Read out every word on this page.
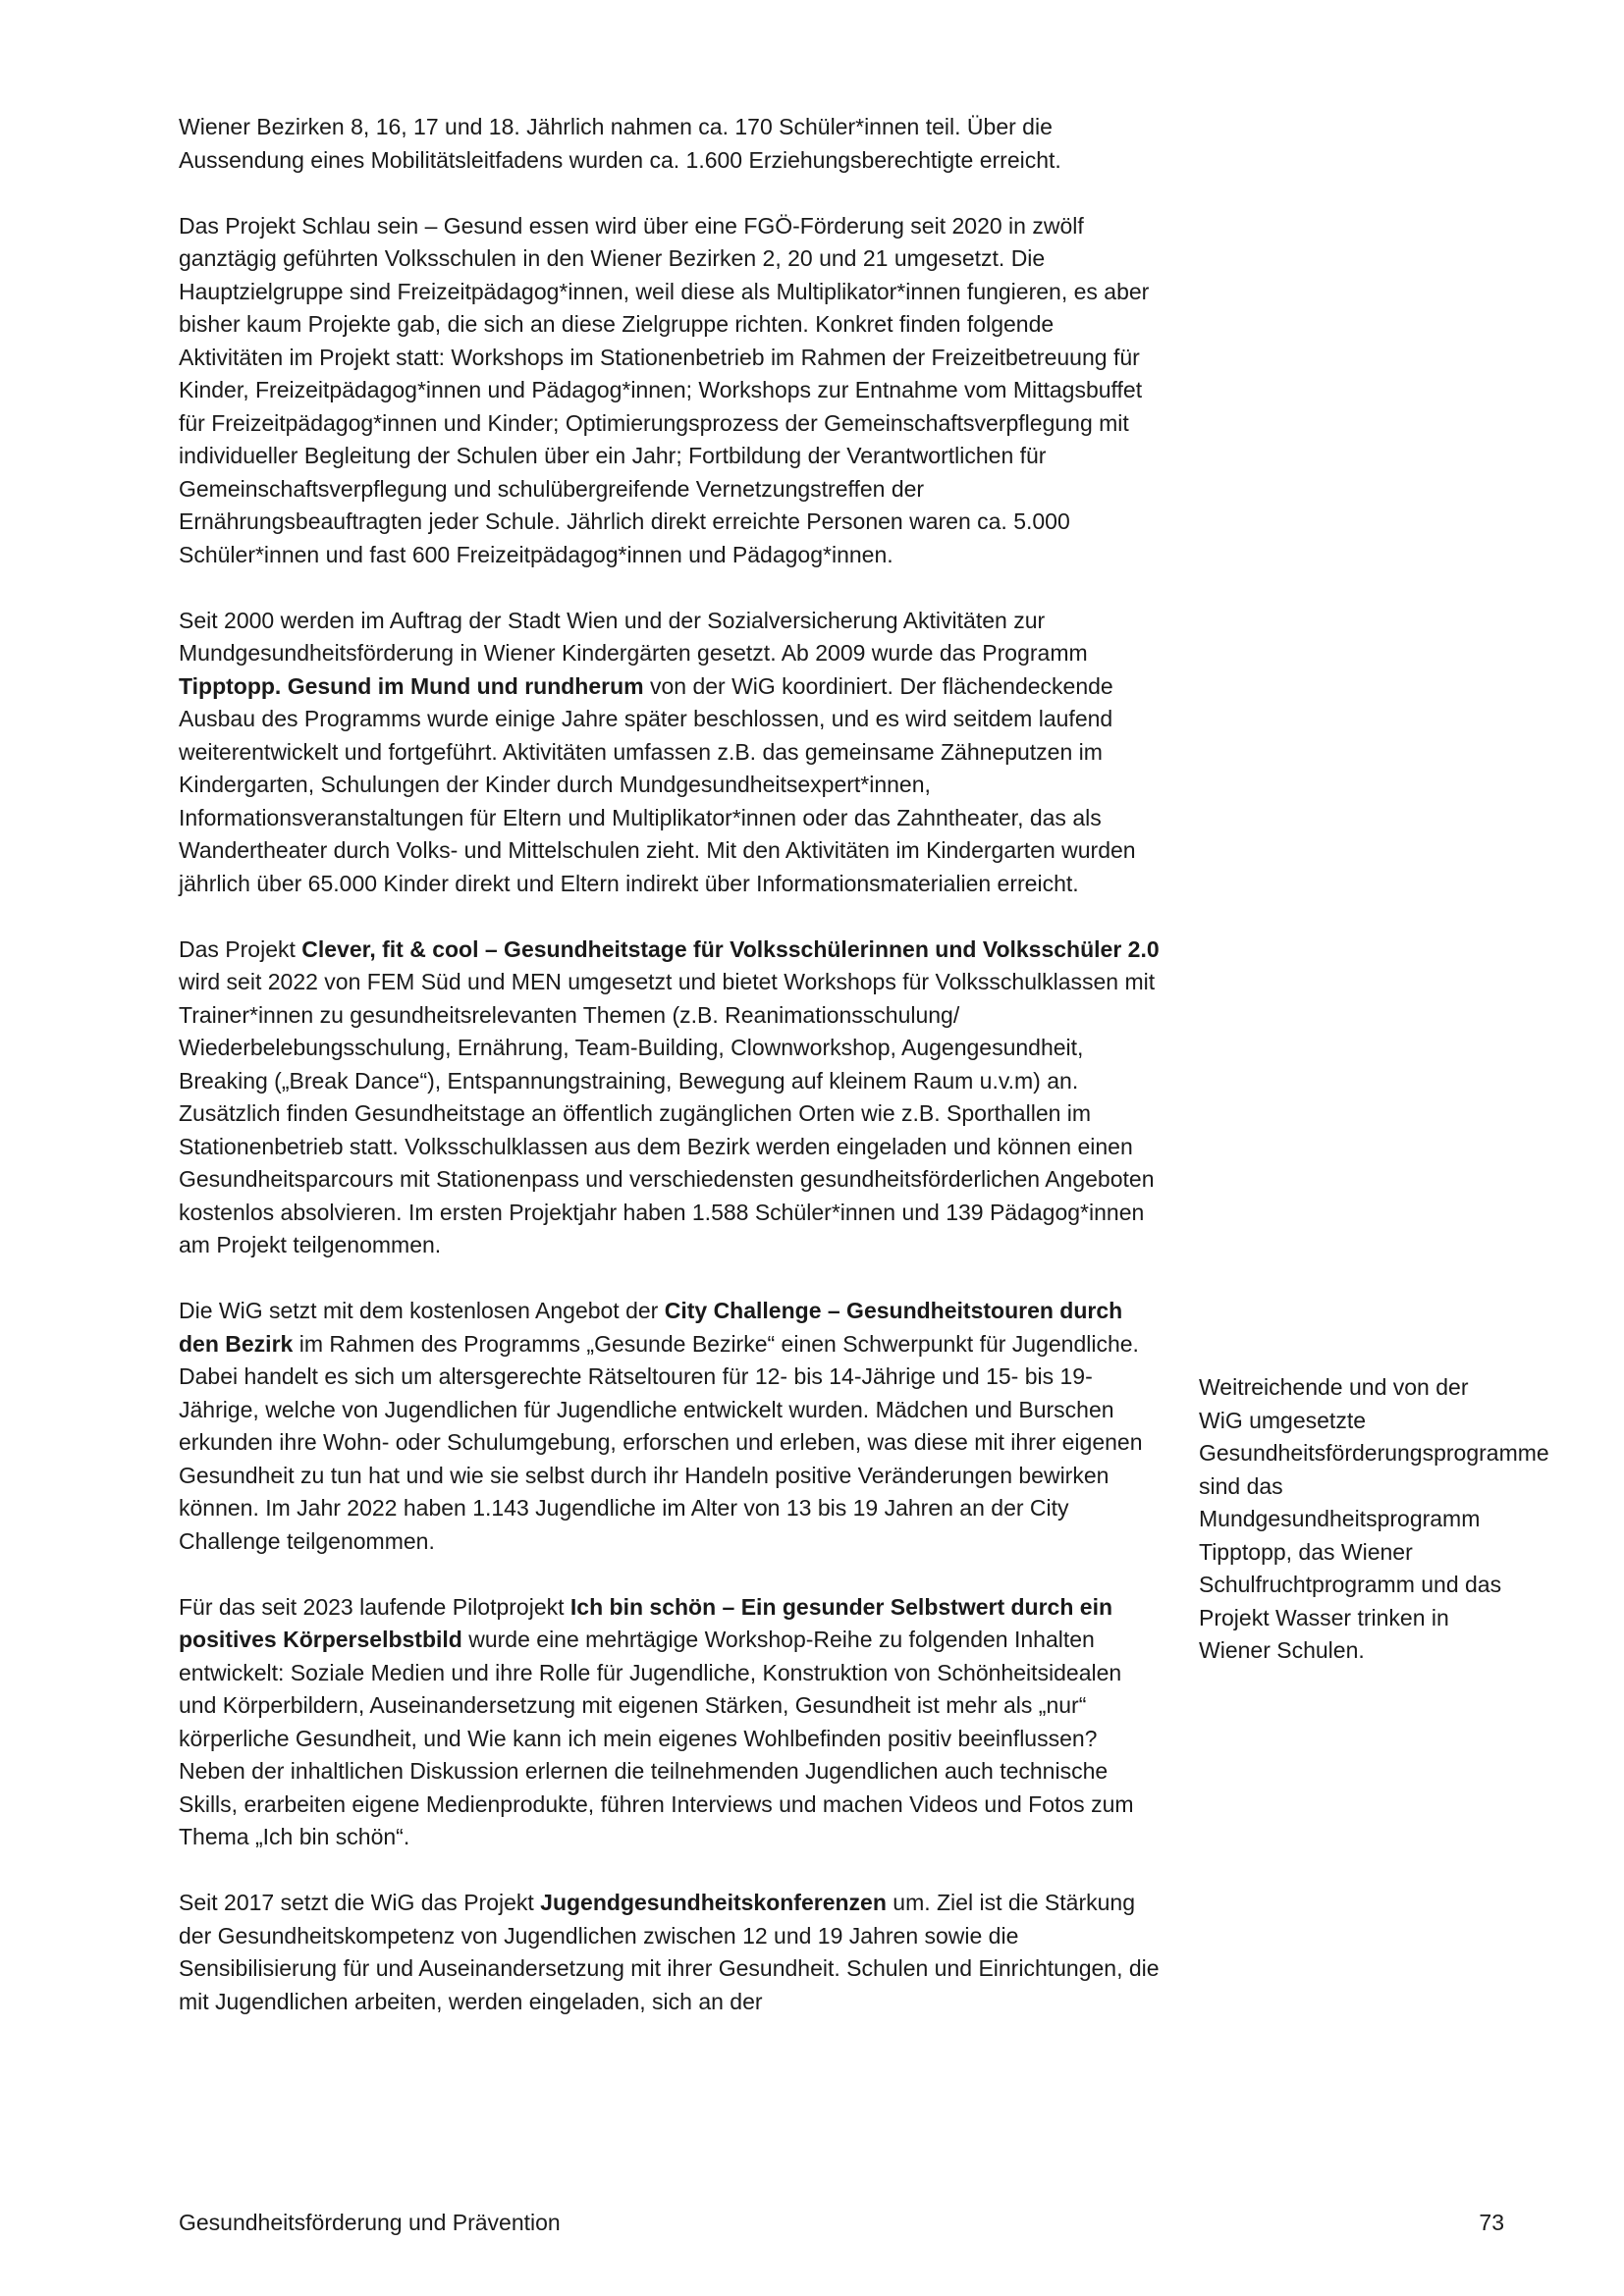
Wiener Bezirken 8, 16, 17 und 18. Jährlich nahmen ca. 170 Schüler*innen teil. Über die Aussendung eines Mobilitätsleitfadens wurden ca. 1.600 Erziehungsberechtigte erreicht.

Das Projekt Schlau sein – Gesund essen wird über eine FGÖ-Förderung seit 2020 in zwölf ganztägig geführten Volksschulen in den Wiener Bezirken 2, 20 und 21 umgesetzt. Die Hauptzielgruppe sind Freizeitpädagog*innen, weil diese als Multiplikator*innen fungieren, es aber bisher kaum Projekte gab, die sich an diese Zielgruppe richten. Konkret finden folgende Aktivitäten im Projekt statt: Workshops im Stationenbetrieb im Rahmen der Freizeitbetreuung für Kinder, Freizeitpädagog*innen und Pädagog*innen; Workshops zur Entnahme vom Mittagsbuffet für Freizeitpädagog*innen und Kinder; Optimierungsprozess der Gemeinschaftsverpflegung mit individueller Begleitung der Schulen über ein Jahr; Fortbildung der Verantwortlichen für Gemeinschaftsverpflegung und schulübergreifende Vernetzungstreffen der Ernährungsbeauftragten jeder Schule. Jährlich direkt erreichte Personen waren ca. 5.000 Schüler*innen und fast 600 Freizeitpädagog*innen und Pädagog*innen.

Seit 2000 werden im Auftrag der Stadt Wien und der Sozialversicherung Aktivitäten zur Mundgesundheitsförderung in Wiener Kindergärten gesetzt. Ab 2009 wurde das Programm Tipptopp. Gesund im Mund und rundherum von der WiG koordiniert. Der flächendeckende Ausbau des Programms wurde einige Jahre später beschlossen, und es wird seitdem laufend weiterentwickelt und fortgeführt. Aktivitäten umfassen z.B. das gemeinsame Zähneputzen im Kindergarten, Schulungen der Kinder durch Mundgesundheitsexpert*innen, Informationsveranstaltungen für Eltern und Multiplikator*innen oder das Zahntheater, das als Wandertheater durch Volks- und Mittelschulen zieht. Mit den Aktivitäten im Kindergarten wurden jährlich über 65.000 Kinder direkt und Eltern indirekt über Informationsmaterialien erreicht.

Das Projekt Clever, fit & cool – Gesundheitstage für Volksschülerinnen und Volksschüler 2.0 wird seit 2022 von FEM Süd und MEN umgesetzt und bietet Workshops für Volksschulklassen mit Trainer*innen zu gesundheitsrelevanten Themen (z.B. Reanimationsschulung/ Wiederbelebungsschulung, Ernährung, Team-Building, Clownworkshop, Augengesundheit, Breaking („Break Dance“), Entspannungstraining, Bewegung auf kleinem Raum u.v.m) an. Zusätzlich finden Gesundheitstage an öffentlich zugänglichen Orten wie z.B. Sporthallen im Stationenbetrieb statt. Volksschulklassen aus dem Bezirk werden eingeladen und können einen Gesundheitsparcours mit Stationenpass und verschiedensten gesundheitsförderlichen Angeboten kostenlos absolvieren. Im ersten Projektjahr haben 1.588 Schüler*innen und 139 Pädagog*innen am Projekt teilgenommen.

Die WiG setzt mit dem kostenlosen Angebot der City Challenge – Gesundheitstouren durch den Bezirk im Rahmen des Programms „Gesunde Bezirke“ einen Schwerpunkt für Jugendliche. Dabei handelt es sich um altersgerechte Rätseltouren für 12- bis 14-Jährige und 15- bis 19-Jährige, welche von Jugendlichen für Jugendliche entwickelt wurden. Mädchen und Burschen erkunden ihre Wohn- oder Schulumgebung, erforschen und erleben, was diese mit ihrer eigenen Gesundheit zu tun hat und wie sie selbst durch ihr Handeln positive Veränderungen bewirken können. Im Jahr 2022 haben 1.143 Jugendliche im Alter von 13 bis 19 Jahren an der City Challenge teilgenommen.

Für das seit 2023 laufende Pilotprojekt Ich bin schön – Ein gesunder Selbstwert durch ein positives Körperselbstbild wurde eine mehrtägige Workshop-Reihe zu folgenden Inhalten entwickelt: Soziale Medien und ihre Rolle für Jugendliche, Konstruktion von Schönheitsidealen und Körperbildern, Auseinandersetzung mit eigenen Stärken, Gesundheit ist mehr als „nur“ körperliche Gesundheit, und Wie kann ich mein eigenes Wohlbefinden positiv beeinflussen? Neben der inhaltlichen Diskussion erlernen die teilnehmenden Jugendlichen auch technische Skills, erarbeiten eigene Medienprodukte, führen Interviews und machen Videos und Fotos zum Thema „Ich bin schön“.

Seit 2017 setzt die WiG das Projekt Jugendgesundheitskonferenzen um. Ziel ist die Stärkung der Gesundheitskompetenz von Jugendlichen zwischen 12 und 19 Jahren sowie die Sensibilisierung für und Auseinandersetzung mit ihrer Gesundheit. Schulen und Einrichtungen, die mit Jugendlichen arbeiten, werden eingeladen, sich an der

Weitreichende und von der WiG umgesetzte Gesundheitsförderungsprogramme sind das Mundgesundheitsprogramm Tipptopp, das Wiener Schulfruchtprogramm und das Projekt Wasser trinken in Wiener Schulen.

Gesundheitsförderung und Prävention	73
